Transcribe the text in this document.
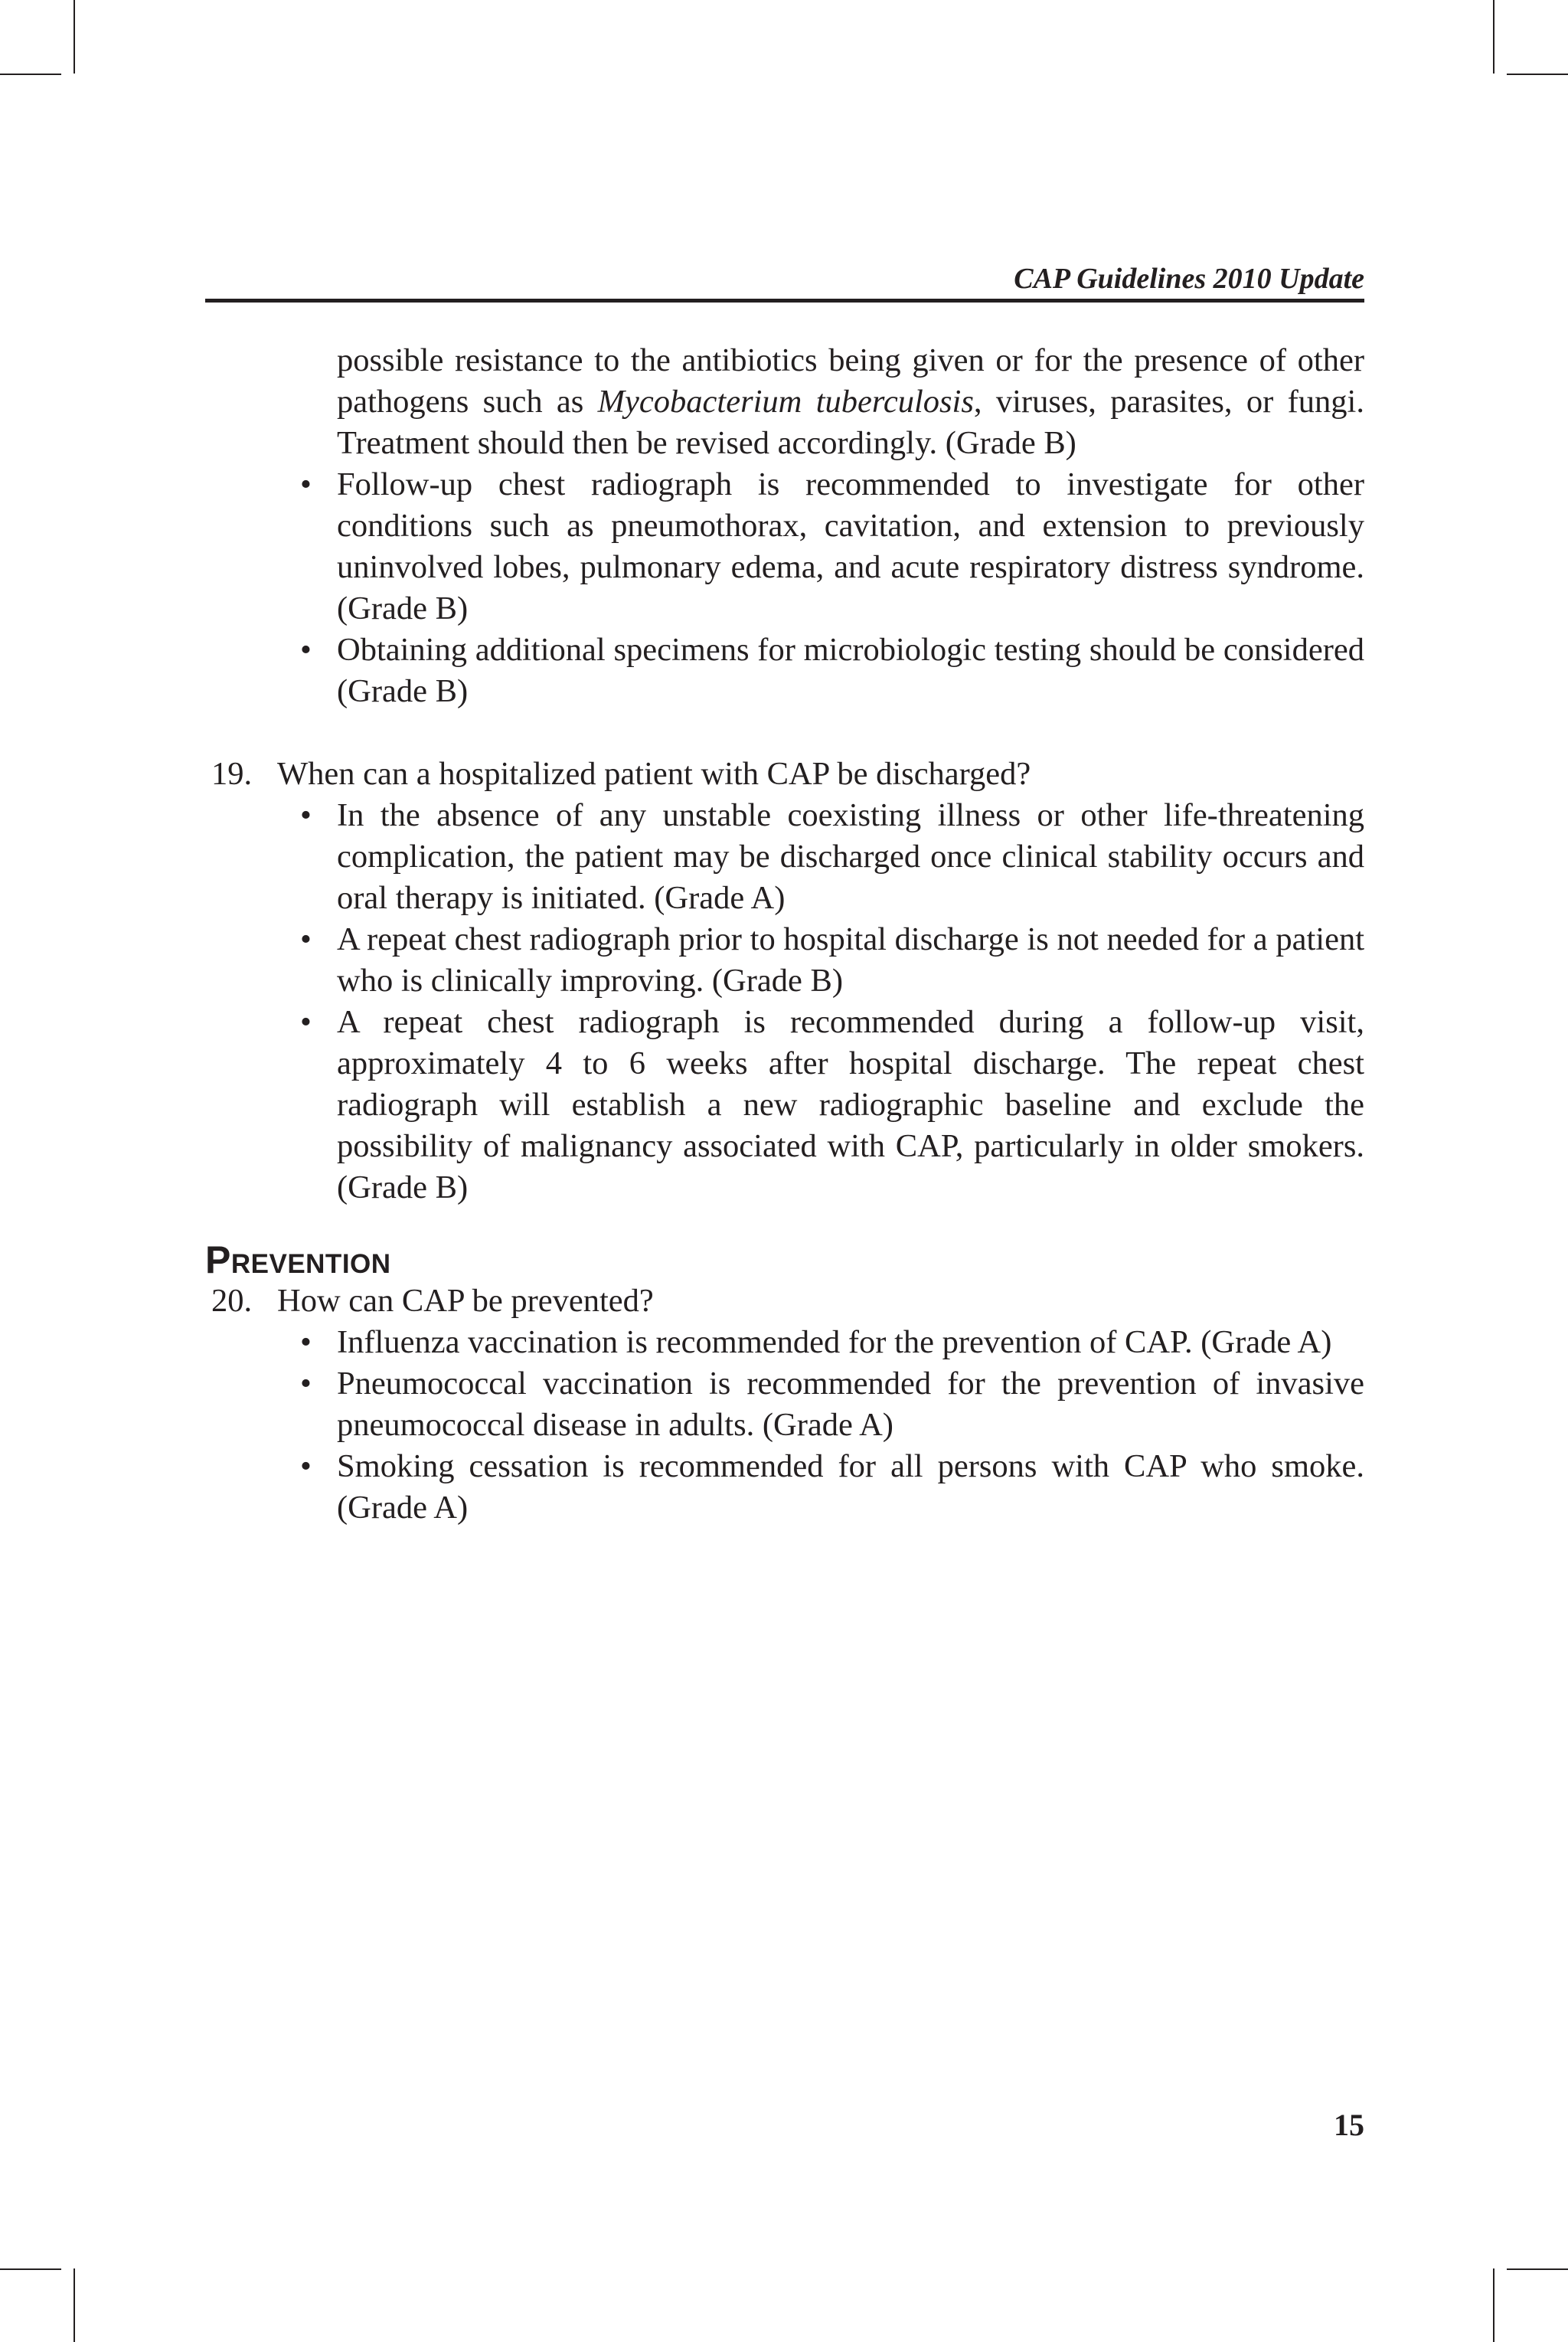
CAP Guidelines 2010 Update

possible resistance to the antibiotics being given or for the presence of other pathogens such as Mycobacterium tuberculosis, viruses, parasites, or fungi. Treatment should then be revised accordingly. (Grade B)

• Follow-up chest radiograph is recommended to investigate for other conditions such as pneumothorax, cavitation, and extension to previously uninvolved lobes, pulmonary edema, and acute respiratory distress syndrome. (Grade B)
• Obtaining additional specimens for microbiologic testing should be considered (Grade B)

19. When can a hospitalized patient with CAP be discharged?

• In the absence of any unstable coexisting illness or other life-threatening complication, the patient may be discharged once clinical stability occurs and oral therapy is initiated. (Grade A)
• A repeat chest radiograph prior to hospital discharge is not needed for a patient who is clinically improving. (Grade B)
• A repeat chest radiograph is recommended during a follow-up visit, approximately 4 to 6 weeks after hospital discharge. The repeat chest radiograph will establish a new radiographic baseline and exclude the possibility of malignancy associated with CAP, particularly in older smokers. (Grade B)
Prevention

20. How can CAP be prevented?

• Influenza vaccination is recommended for the prevention of CAP. (Grade A)
• Pneumococcal vaccination is recommended for the prevention of invasive pneumococcal disease in adults. (Grade A)
• Smoking cessation is recommended for all persons with CAP who smoke. (Grade A)
15
